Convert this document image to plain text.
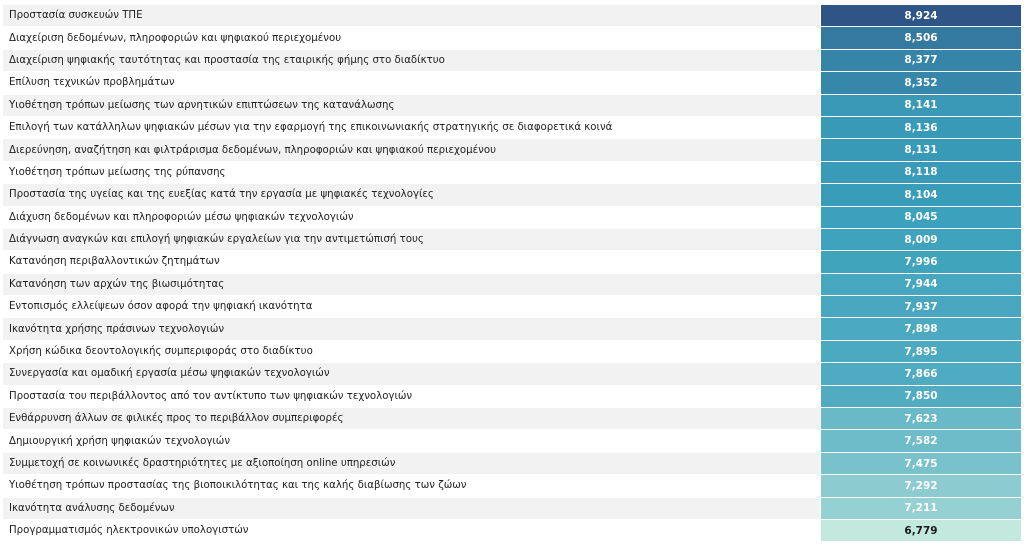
Προστασία συσκευών ΤΠΕ	8,924
Διαχείριση δεδομένων, πληροφοριών και ψηφιακού περιεχομένου	8,506
Διαχείριση ψηφιακής ταυτότητας και προστασία της εταιρικής φήμης στο διαδίκτυο	8,377
Επίλυση τεχνικών προβλημάτων	8,352
Υιοθέτηση τρόπων μείωσης των αρνητικών επιπτώσεων της κατανάλωσης	8,141
Επιλογή των κατάλληλων ψηφιακών μέσων για την εφαρμογή της επικοινωνιακής στρατηγικής σε διαφορετικά κοινά	8,136
Διερεύνηση, αναζήτηση και φιλτράρισμα δεδομένων, πληροφοριών και ψηφιακού περιεχομένου	8,131
Υιοθέτηση τρόπων μείωσης της ρύπανσης	8,118
Προστασία της υγείας και της ευεξίας κατά την εργασία με ψηφιακές τεχνολογίες	8,104
Διάχυση δεδομένων και πληροφοριών μέσω ψηφιακών τεχνολογιών	8,045
Διάγνωση αναγκών και επιλογή ψηφιακών εργαλείων για την αντιμετώπισή τους	8,009
Κατανόηση περιβαλλοντικών ζητημάτων	7,996
Κατανόηση των αρχών της βιωσιμότητας	7,944
Εντοπισμός ελλείψεων όσον αφορά την ψηφιακή ικανότητα	7,937
Ικανότητα χρήσης πράσινων τεχνολογιών	7,898
Χρήση κώδικα δεοντολογικής συμπεριφοράς στο διαδίκτυο	7,895
Συνεργασία και ομαδική εργασία μέσω ψηφιακών τεχνολογιών	7,866
Προστασία του περιβάλλοντος από τον αντίκτυπο των ψηφιακών τεχνολογιών	7,850
Ενθάρρυνση άλλων σε φιλικές προς το περιβάλλον συμπεριφορές	7,623
Δημιουργική χρήση ψηφιακών τεχνολογιών	7,582
Συμμετοχή σε κοινωνικές δραστηριότητες με αξιοποίηση online υπηρεσιών	7,475
Υιοθέτηση τρόπων προστασίας της βιοποικιλότητας και της καλής διαβίωσης των ζώων	7,292
Ικανότητα ανάλυσης δεδομένων	7,211
Προγραμματισμός ηλεκτρονικών υπολογιστών	6,779
